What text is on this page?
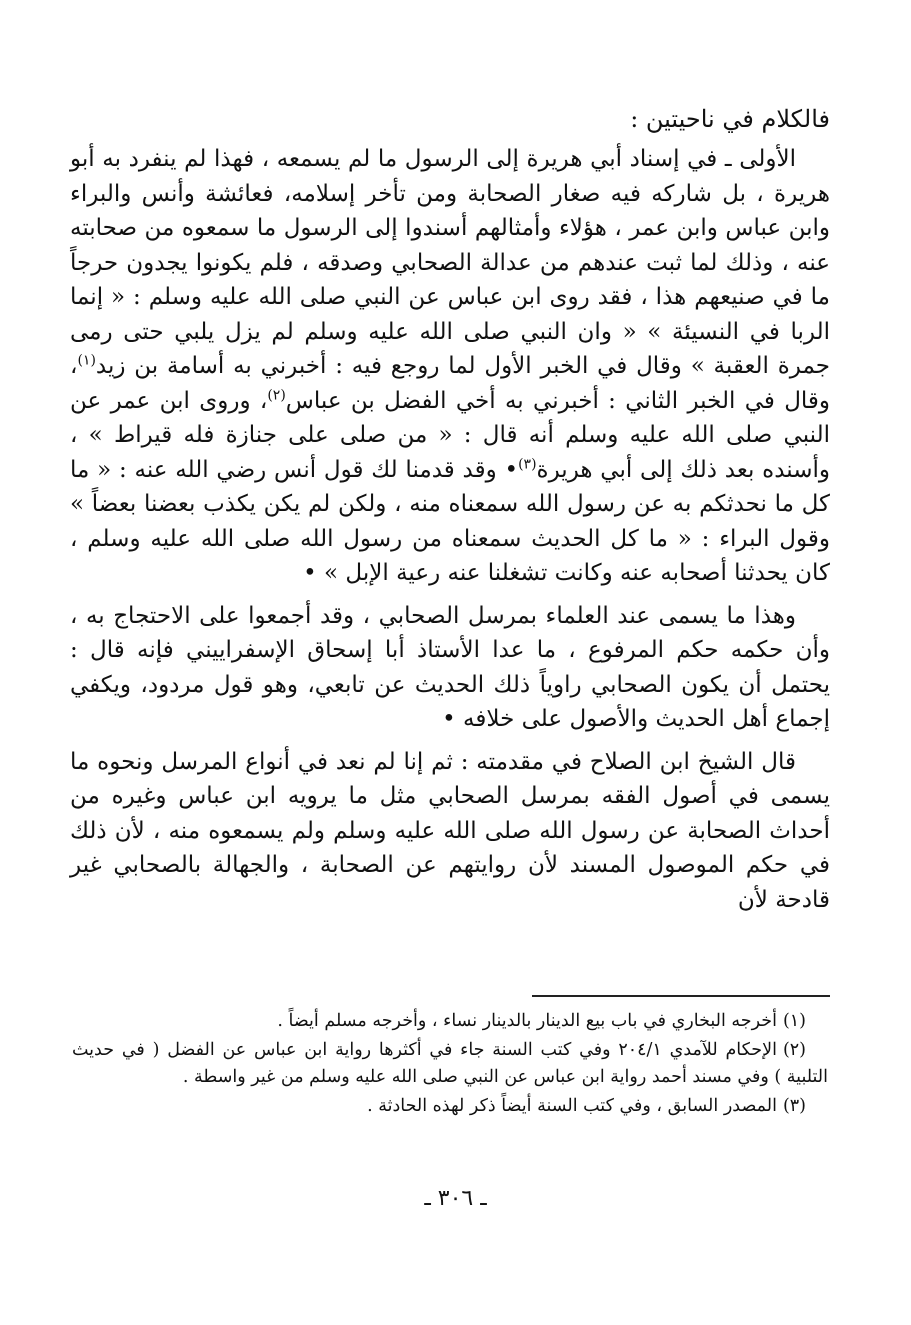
فالكلام في ناحيتين :

الأولى ـ في إسناد أبي هريرة إلى الرسول ما لم يسمعه ، فهذا لم ينفرد به أبو هريرة ، بل شاركه فيه صغار الصحابة ومن تأخر إسلامه، فعائشة وأنس والبراء وابن عباس وابن عمر ، هؤلاء وأمثالهم أسندوا إلى الرسول ما سمعوه من صحابته عنه ، وذلك لما ثبت عندهم من عدالة الصحابي وصدقه ، فلم يكونوا يجدون حرجاً ما في صنيعهم هذا ، فقد روى ابن عباس عن النبي صلى الله عليه وسلم : « إنما الربا في النسيئة » « وان النبي صلى الله عليه وسلم لم يزل يلبي حتى رمى جمرة العقبة » وقال في الخبر الأول لما روجع فيه : أخبرني به أسامة بن زيد$^{(١)}$، وقال في الخبر الثاني : أخبرني به أخي الفضل بن عباس$^{(٢)}$، وروى ابن عمر عن النبي صلى الله عليه وسلم أنه قال : « من صلى على جنازة فله قيراط » ، وأسنده بعد ذلك إلى أبي هريرة$^{(٣)}$• وقد قدمنا لك قول أنس رضي الله عنه : « ما كل ما نحدثكم به عن رسول الله سمعناه منه ، ولكن لم يكن يكذب بعضنا بعضاً » وقول البراء : « ما كل الحديث سمعناه من رسول الله صلى الله عليه وسلم ، كان يحدثنا أصحابه عنه وكانت تشغلنا عنه رعية الإبل » •

وهذا ما يسمى عند العلماء بمرسل الصحابي ، وقد أجمعوا على الاحتجاج به ، وأن حكمه حكم المرفوع ، ما عدا الأستاذ أبا إسحاق الإسفراييني فإنه قال : يحتمل أن يكون الصحابي راوياً ذلك الحديث عن تابعي، وهو قول مردود، ويكفي إجماع أهل الحديث والأصول على خلافه •

قال الشيخ ابن الصلاح في مقدمته : ثم إنا لم نعد في أنواع المرسل ونحوه ما يسمى في أصول الفقه بمرسل الصحابي مثل ما يرويه ابن عباس وغيره من أحداث الصحابة عن رسول الله صلى الله عليه وسلم ولم يسمعوه منه ، لأن ذلك في حكم الموصول المسند لأن روايتهم عن الصحابة ، والجهالة بالصحابي غير قادحة لأن

(١)أخرجه البخاري في باب بيع الدينار بالدينار نساء ، وأخرجه مسلم أيضاً .

(٢)الإحكام للآمدي ٢٠٤/١ وفي كتب السنة جاء في أكثرها رواية ابن عباس عن الفضل ( في حديث التلبية ) وفي مسند أحمد رواية ابن عباس عن النبي صلى الله عليه وسلم من غير واسطة .

(٣)المصدر السابق ، وفي كتب السنة أيضاً ذكر لهذه الحادثة .

ـ ٣٠٦ ـ
